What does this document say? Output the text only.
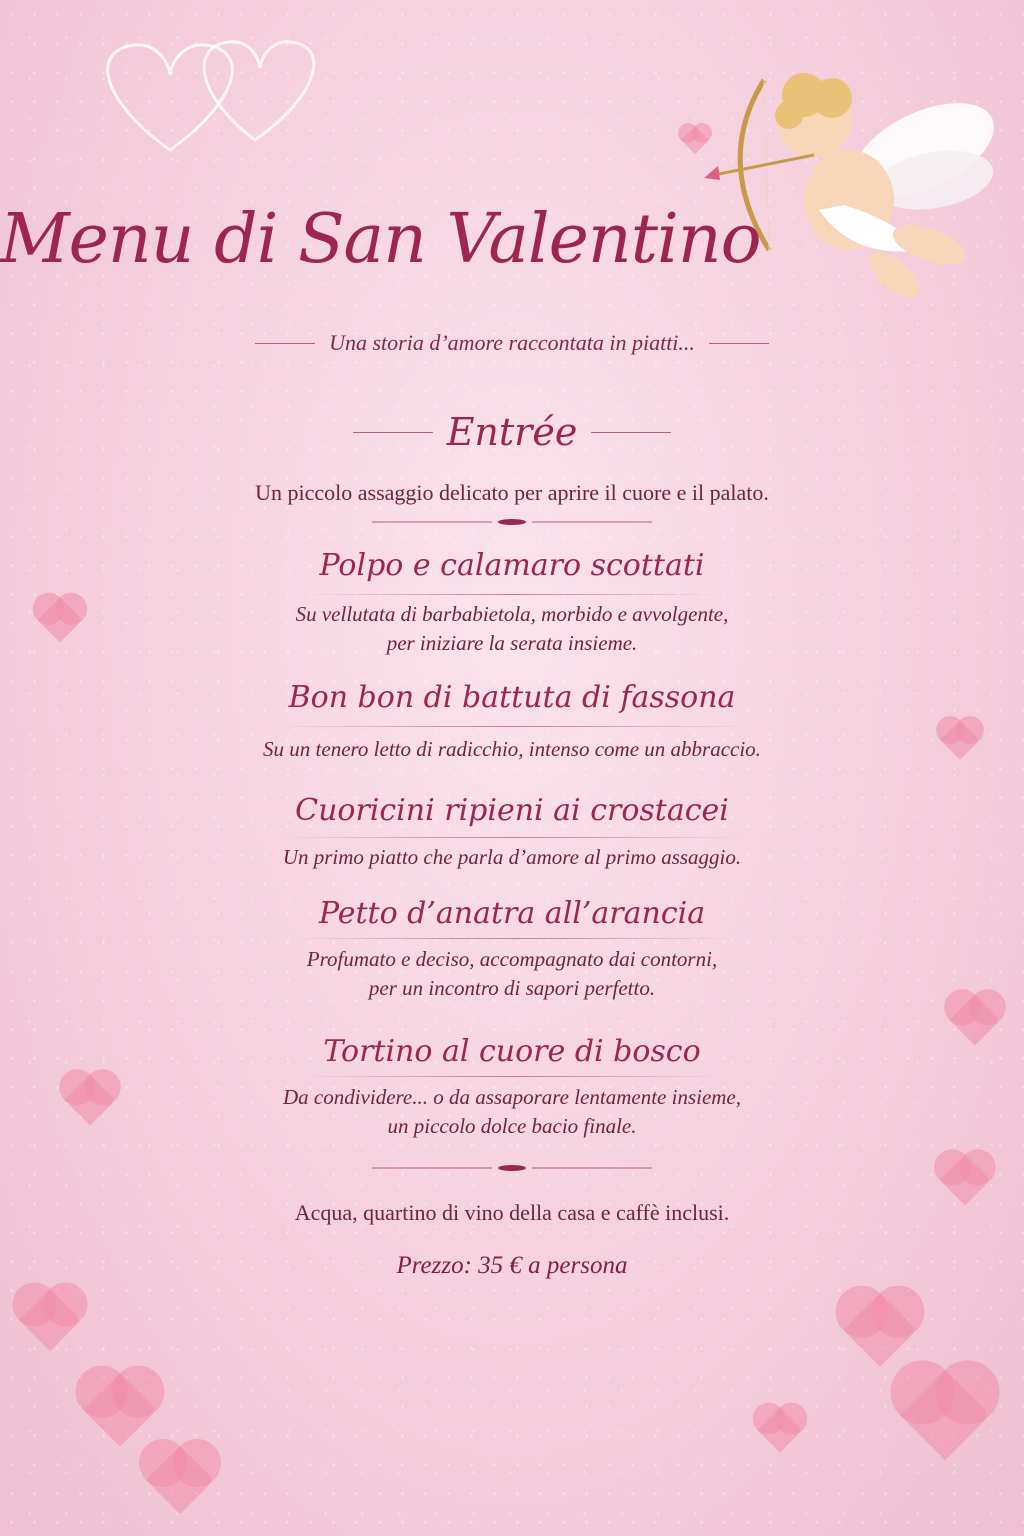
Menu di San Valentino
Una storia d’amore raccontata in piatti...
Entrée
Un piccolo assaggio delicato per aprire il cuore e il palato.
Polpo e calamaro scottati
Su vellutata di barbabietola, morbido e avvolgente,
per iniziare la serata insieme.
Bon bon di battuta di fassona
Su un tenero letto di radicchio, intenso come un abbraccio.
Cuoricini ripieni ai crostacei
Un primo piatto che parla d’amore al primo assaggio.
Petto d’anatra all’arancia
Profumato e deciso, accompagnato dai contorni,
per un incontro di sapori perfetto.
Tortino al cuore di bosco
Da condividere... o da assaporare lentamente insieme,
un piccolo dolce bacio finale.
Acqua, quartino di vino della casa e caffè inclusi.
Prezzo: 35 € a persona
